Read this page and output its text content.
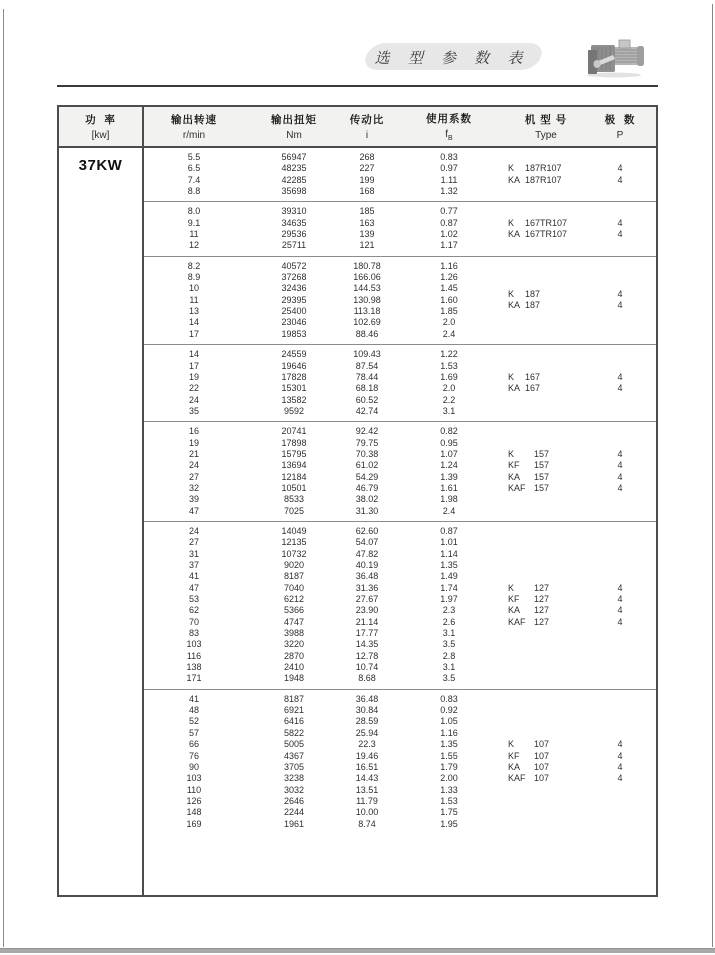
选 型 参 数 表
功  率
[kw]
37KW
输出转速
r/min
输出扭矩
Nm
传动比
i
使用系数
$f_B$
机 型 号
Type
极  数
P
5.5	56947	268	0.83
6.5	48235	227	0.97
7.4	42285	199	1.11
8.8	35698	168	1.32
K	187R107	4
KA 187R107	4
8.0	39310	185	0.77
9.1	34635	163	0.87
11	29536	139	1.02
12	25711	121	1.17
K	167TR107	4
KA 167TR107	4
8.2	40572	180.78	1.16
8.9	37268	166.06	1.26
10	32436	144.53	1.45
11	29395	130.98	1.60
13	25400	113.18	1.85
14	23046	102.69	2.0
17	19853	88.46	2.4
K	187	4
KA 187	4
14	24559	109.43	1.22
17	19646	87.54	1.53
19	17828	78.44	1.69
22	15301	68.18	2.0
24	13582	60.52	2.2
35	9592	42.74	3.1
K	167	4
KA 167	4
16	20741	92.42	0.82
19	17898	79.75	0.95
21	15795	70.38	1.07
24	13694	61.02	1.24
27	12184	54.29	1.39
32	10501	46.79	1.61
39	8533	38.02	1.98
47	7025	31.30	2.4
K	157	4
KF	157	4
KA	157	4
KAF 157	4
24	14049	62.60	0.87
27	12135	54.07	1.01
31	10732	47.82	1.14
37	9020	40.19	1.35
41	8187	36.48	1.49
47	7040	31.36	1.74
53	6212	27.67	1.97
62	5366	23.90	2.3
70	4747	21.14	2.6
83	3988	17.77	3.1
103	3220	14.35	3.5
116	2870	12.78	2.8
138	2410	10.74	3.1
171	1948	8.68	3.5
K	127	4
KF	127	4
KA	127	4
KAF 127	4
41	8187	36.48	0.83
48	6921	30.84	0.92
52	6416	28.59	1.05
57	5822	25.94	1.16
66	5005	22.3	1.35
76	4367	19.46	1.55
90	3705	16.51	1.79
103	3238	14.43	2.00
110	3032	13.51	1.33
126	2646	11.79	1.53
148	2244	10.00	1.75
169	1961	8.74	1.95
K	107	4
KF	107	4
KA	107	4
KAF 107	4
